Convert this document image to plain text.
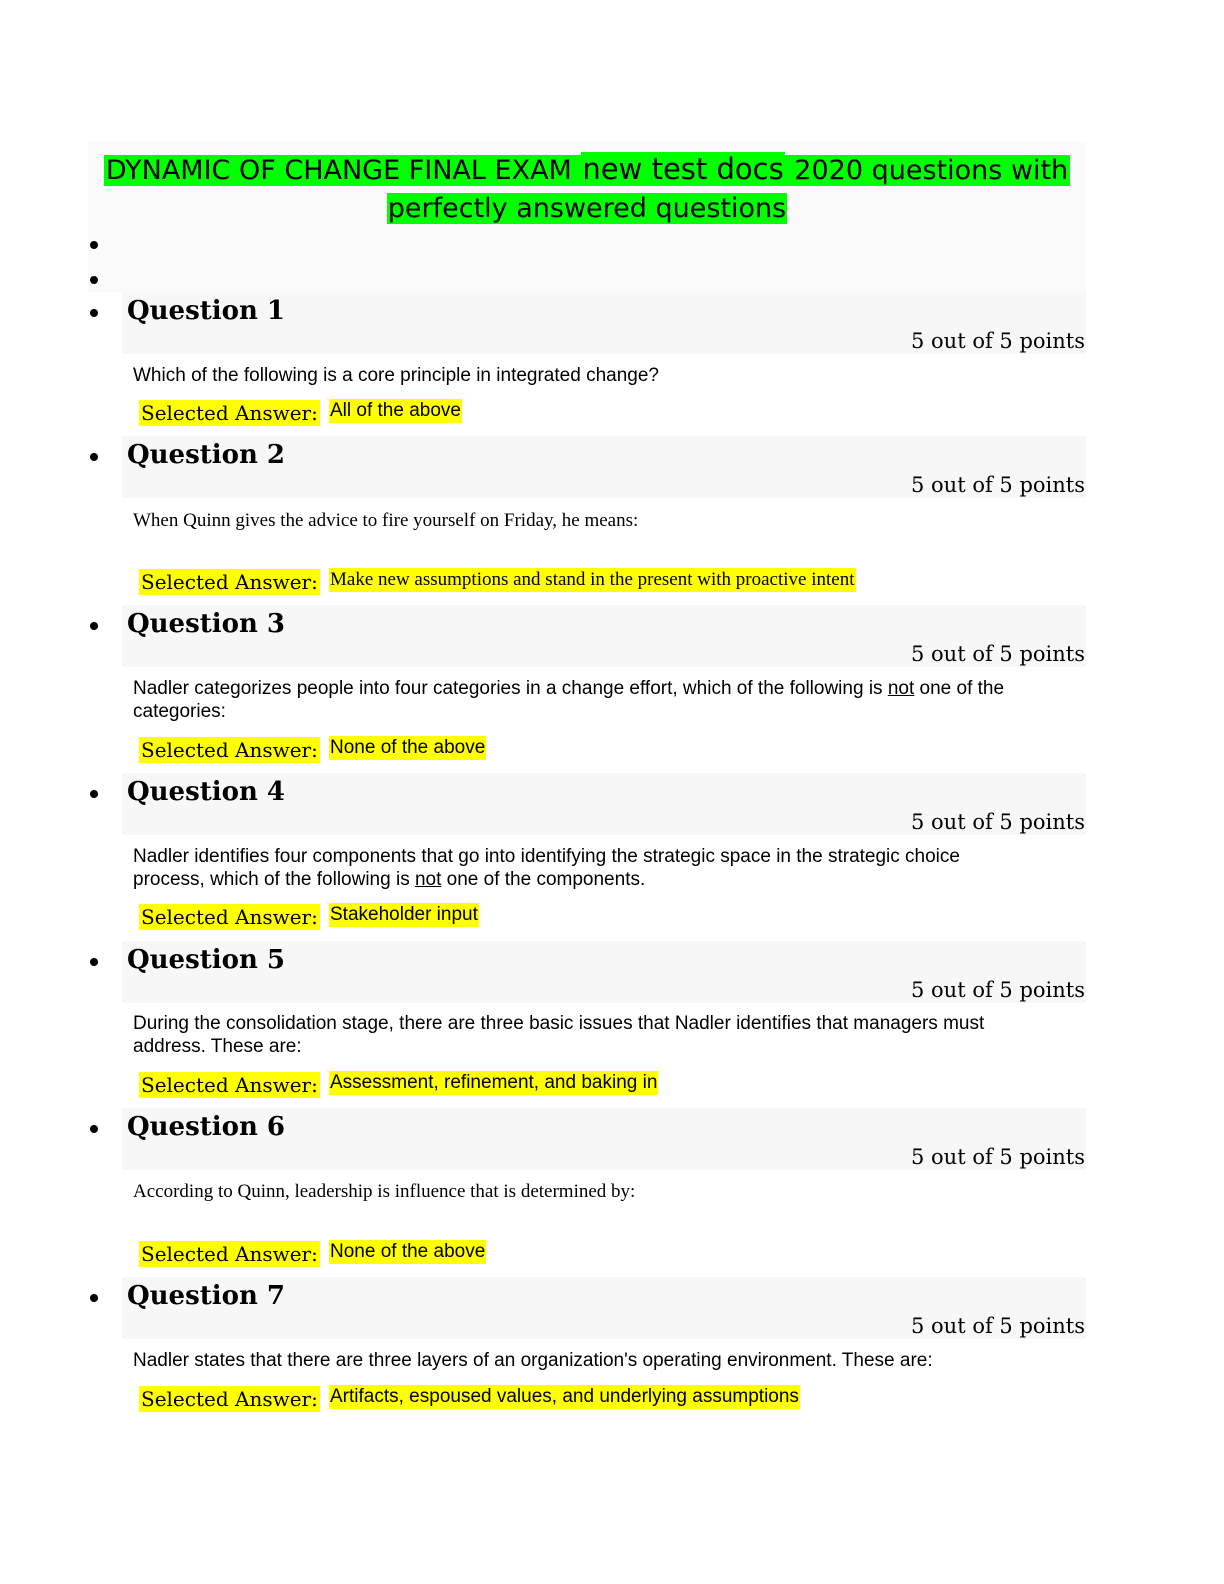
DYNAMIC OF CHANGE FINAL EXAM new test docs 2020 questions with

perfectly answered questions

Question 1
5 out of 5 points
Which of the following is a core principle in integrated change?
Selected Answer: All of the above
Question 2
5 out of 5 points
When Quinn gives the advice to fire yourself on Friday, he means:
Selected Answer: Make new assumptions and stand in the present with proactive intent
Question 3
5 out of 5 points
Nadler categorizes people into four categories in a change effort, which of the following is not one of the categories:
Selected Answer: None of the above
Question 4
5 out of 5 points
Nadler identifies four components that go into identifying the strategic space in the strategic choice process, which of the following is not one of the components.
Selected Answer: Stakeholder input
Question 5
5 out of 5 points
During the consolidation stage, there are three basic issues that Nadler identifies that managers must address. These are:
Selected Answer: Assessment, refinement, and baking in
Question 6
5 out of 5 points
According to Quinn, leadership is influence that is determined by:
Selected Answer: None of the above
Question 7
5 out of 5 points
Nadler states that there are three layers of an organization's operating environment. These are:
Selected Answer: Artifacts, espoused values, and underlying assumptions
